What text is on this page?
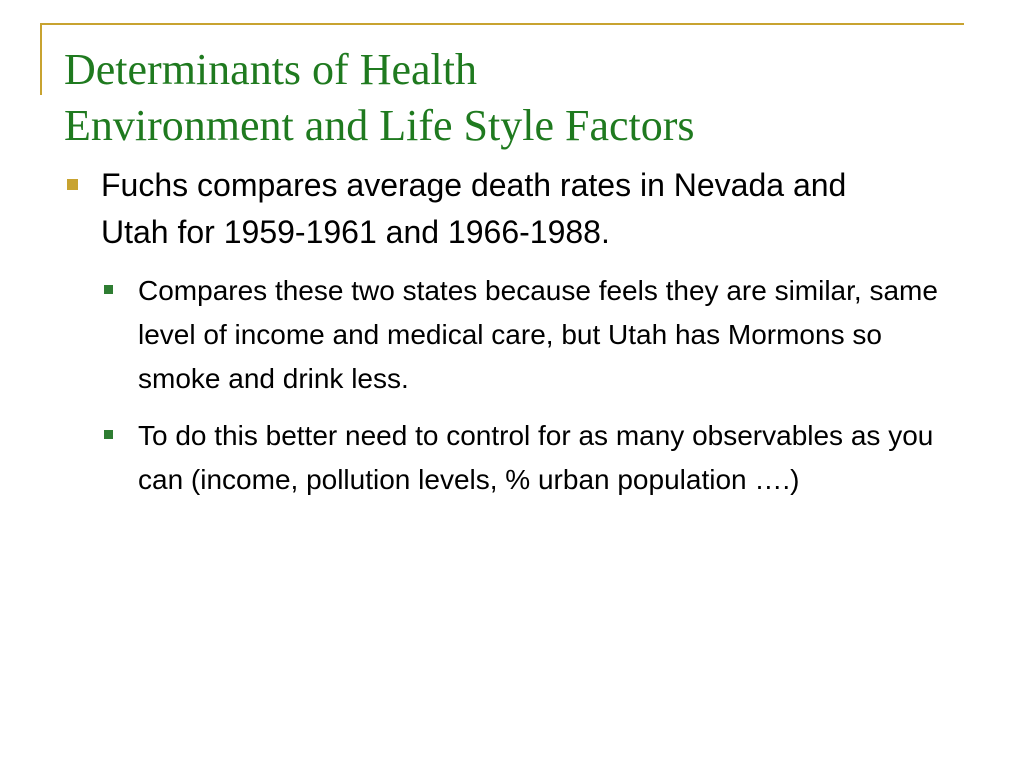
Determinants of Health
Environment and Life Style Factors
Fuchs compares average death rates in Nevada and Utah for 1959-1961 and 1966-1988.
Compares these two states because feels they are similar, same level of income and medical care, but Utah has Mormons so smoke and drink less.
To do this better need to control for as many observables as you can (income, pollution levels, % urban population ….)
